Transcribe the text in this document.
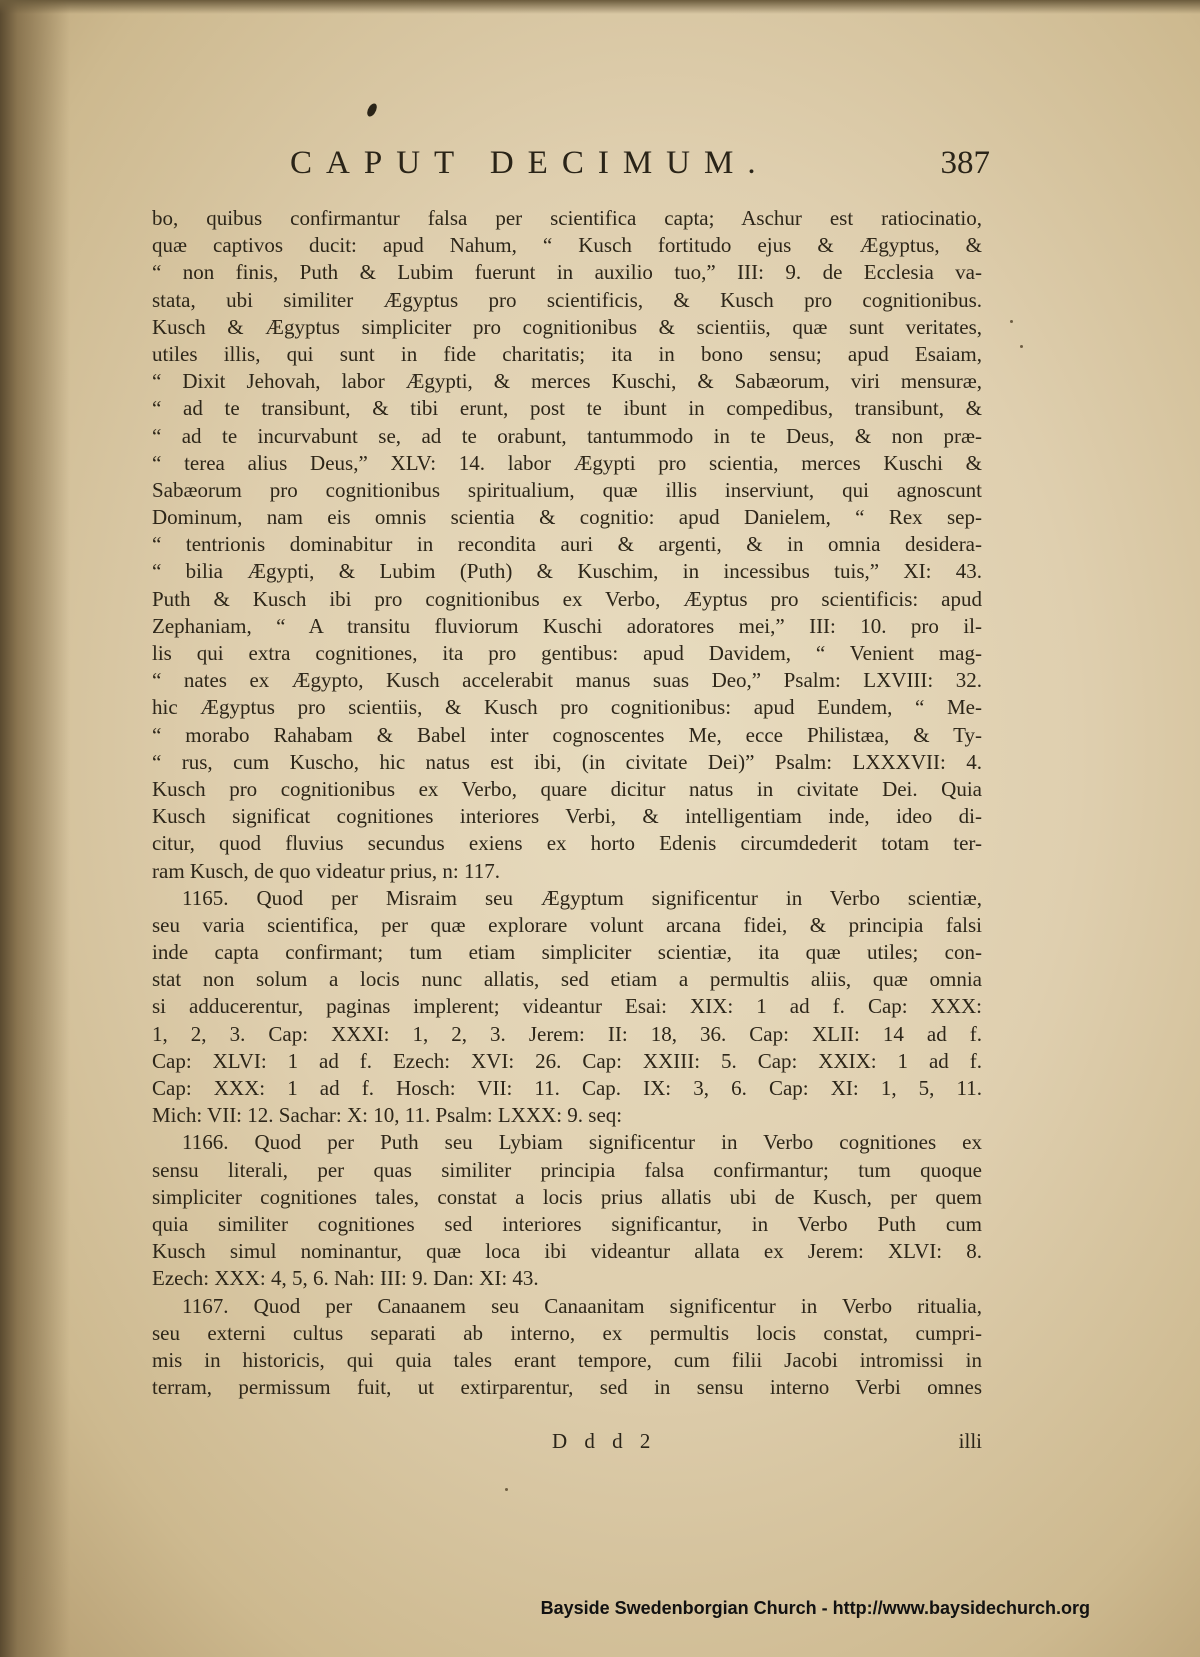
CAPUT DECIMUM.	387
bo, quibus confirmantur falsa per scientifica capta; Aschur est ratiocinatio,
quæ captivos ducit: apud Nahum, “ Kusch fortitudo ejus & Ægyptus, &
“ non finis, Puth & Lubim fuerunt in auxilio tuo,” III: 9. de Ecclesia va-
stata, ubi similiter Ægyptus pro scientificis, & Kusch pro cognitionibus.
Kusch & Ægyptus simpliciter pro cognitionibus & scientiis, quæ sunt veritates,
utiles illis, qui sunt in fide charitatis; ita in bono sensu; apud Esaiam,
“ Dixit Jehovah, labor Ægypti, & merces Kuschi, & Sabæorum, viri mensuræ,
“ ad te transibunt, & tibi erunt, post te ibunt in compedibus, transibunt, &
“ ad te incurvabunt se, ad te orabunt, tantummodo in te Deus, & non præ-
“ terea alius Deus,” XLV: 14. labor Ægypti pro scientia, merces Kuschi &
Sabæorum pro cognitionibus spiritualium, quæ illis inserviunt, qui agnoscunt
Dominum, nam eis omnis scientia & cognitio: apud Danielem, “ Rex sep-
“ tentrionis dominabitur in recondita auri & argenti, & in omnia desidera-
“ bilia Ægypti, & Lubim (Puth) & Kuschim, in incessibus tuis,” XI: 43.
Puth & Kusch ibi pro cognitionibus ex Verbo, Æyptus pro scientificis: apud
Zephaniam, “ A transitu fluviorum Kuschi adoratores mei,” III: 10. pro il-
lis qui extra cognitiones, ita pro gentibus: apud Davidem, “ Venient mag-
“ nates ex Ægypto, Kusch accelerabit manus suas Deo,” Psalm: LXVIII: 32.
hic Ægyptus pro scientiis, & Kusch pro cognitionibus: apud Eundem, “ Me-
“ morabo Rahabam & Babel inter cognoscentes Me, ecce Philistæa, & Ty-
“ rus, cum Kuscho, hic natus est ibi, (in civitate Dei)” Psalm: LXXXVII: 4.
Kusch pro cognitionibus ex Verbo, quare dicitur natus in civitate Dei. Quia
Kusch significat cognitiones interiores Verbi, & intelligentiam inde, ideo di-
citur, quod fluvius secundus exiens ex horto Edenis circumdederit totam ter-
ram Kusch, de quo videatur prius, n: 117.
1165. Quod per Misraim seu Ægyptum significentur in Verbo scientiæ,
seu varia scientifica, per quæ explorare volunt arcana fidei, & principia falsi
inde capta confirmant; tum etiam simpliciter scientiæ, ita quæ utiles; con-
stat non solum a locis nunc allatis, sed etiam a permultis aliis, quæ omnia
si adducerentur, paginas implerent; videantur Esai: XIX: 1 ad f. Cap: XXX:
1, 2, 3. Cap: XXXI: 1, 2, 3. Jerem: II: 18, 36. Cap: XLII: 14 ad f.
Cap: XLVI: 1 ad f. Ezech: XVI: 26. Cap: XXIII: 5. Cap: XXIX: 1 ad f.
Cap: XXX: 1 ad f. Hosch: VII: 11. Cap. IX: 3, 6. Cap: XI: 1, 5, 11.
Mich: VII: 12. Sachar: X: 10, 11. Psalm: LXXX: 9. seq:
1166. Quod per Puth seu Lybiam significentur in Verbo cognitiones ex
sensu literali, per quas similiter principia falsa confirmantur; tum quoque
simpliciter cognitiones tales, constat a locis prius allatis ubi de Kusch, per quem
quia similiter cognitiones sed interiores significantur, in Verbo Puth cum
Kusch simul nominantur, quæ loca ibi videantur allata ex Jerem: XLVI: 8.
Ezech: XXX: 4, 5, 6. Nah: III: 9. Dan: XI: 43.
1167. Quod per Canaanem seu Canaanitam significentur in Verbo ritualia,
seu externi cultus separati ab interno, ex permultis locis constat, cumpri-
mis in historicis, qui quia tales erant tempore, cum filii Jacobi intromissi in
terram, permissum fuit, ut extirparentur, sed in sensu interno Verbi omnes
D d d 2	illi
Bayside Swedenborgian Church - http://www.baysidechurch.org
